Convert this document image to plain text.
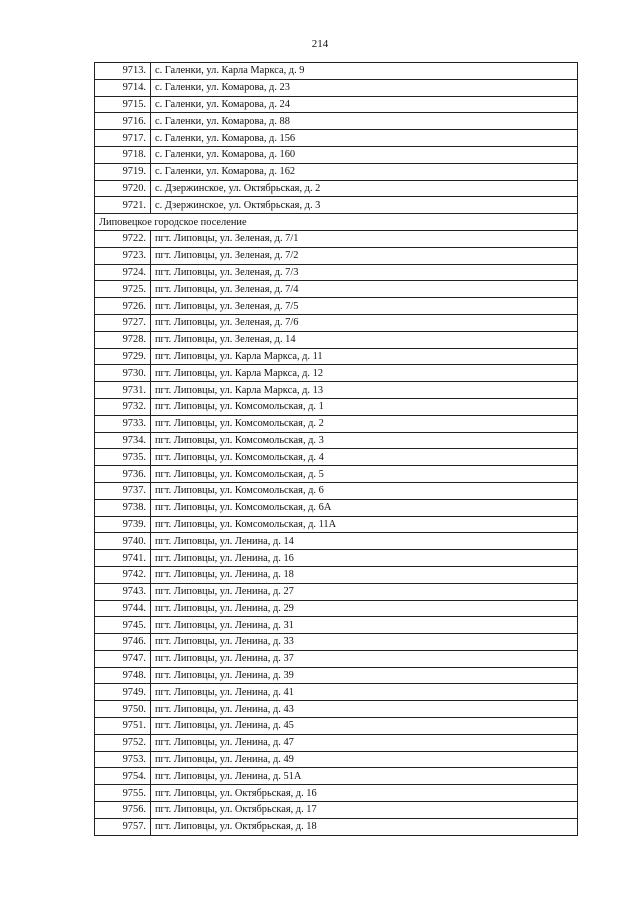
214
9713.	с. Галенки, ул. Карла Маркса, д. 9
9714.	с. Галенки, ул. Комарова, д. 23
9715.	с. Галенки, ул. Комарова, д. 24
9716.	с. Галенки, ул. Комарова, д. 88
9717.	с. Галенки, ул. Комарова, д. 156
9718.	с. Галенки, ул. Комарова, д. 160
9719.	с. Галенки, ул. Комарова, д. 162
9720.	с. Дзержинское, ул. Октябрьская, д. 2
9721.	с. Дзержинское, ул. Октябрьская, д. 3
Липовецкое городское поселение	
9722.	пгт. Липовцы, ул. Зеленая, д. 7/1
9723.	пгт. Липовцы, ул. Зеленая, д. 7/2
9724.	пгт. Липовцы, ул. Зеленая, д. 7/3
9725.	пгт. Липовцы, ул. Зеленая, д. 7/4
9726.	пгт. Липовцы, ул. Зеленая, д. 7/5
9727.	пгт. Липовцы, ул. Зеленая, д. 7/6
9728.	пгт. Липовцы, ул. Зеленая, д. 14
9729.	пгт. Липовцы, ул. Карла Маркса, д. 11
9730.	пгт. Липовцы, ул. Карла Маркса, д. 12
9731.	пгт. Липовцы, ул. Карла Маркса, д. 13
9732.	пгт. Липовцы, ул. Комсомольская, д. 1
9733.	пгт. Липовцы, ул. Комсомольская, д. 2
9734.	пгт. Липовцы, ул. Комсомольская, д. 3
9735.	пгт. Липовцы, ул. Комсомольская, д. 4
9736.	пгт. Липовцы, ул. Комсомольская, д. 5
9737.	пгт. Липовцы, ул. Комсомольская, д. 6
9738.	пгт. Липовцы, ул. Комсомольская, д. 6А
9739.	пгт. Липовцы, ул. Комсомольская, д. 11А
9740.	пгт. Липовцы, ул. Ленина, д. 14
9741.	пгт. Липовцы, ул. Ленина, д. 16
9742.	пгт. Липовцы, ул. Ленина, д. 18
9743.	пгт. Липовцы, ул. Ленина, д. 27
9744.	пгт. Липовцы, ул. Ленина, д. 29
9745.	пгт. Липовцы, ул. Ленина, д. 31
9746.	пгт. Липовцы, ул. Ленина, д. 33
9747.	пгт. Липовцы, ул. Ленина, д. 37
9748.	пгт. Липовцы, ул. Ленина, д. 39
9749.	пгт. Липовцы, ул. Ленина, д. 41
9750.	пгт. Липовцы, ул. Ленина, д. 43
9751.	пгт. Липовцы, ул. Ленина, д. 45
9752.	пгт. Липовцы, ул. Ленина, д. 47
9753.	пгт. Липовцы, ул. Ленина, д. 49
9754.	пгт. Липовцы, ул. Ленина, д. 51А
9755.	пгт. Липовцы, ул. Октябрьская, д. 16
9756.	пгт. Липовцы, ул. Октябрьская, д. 17
9757.	пгт. Липовцы, ул. Октябрьская, д. 18
